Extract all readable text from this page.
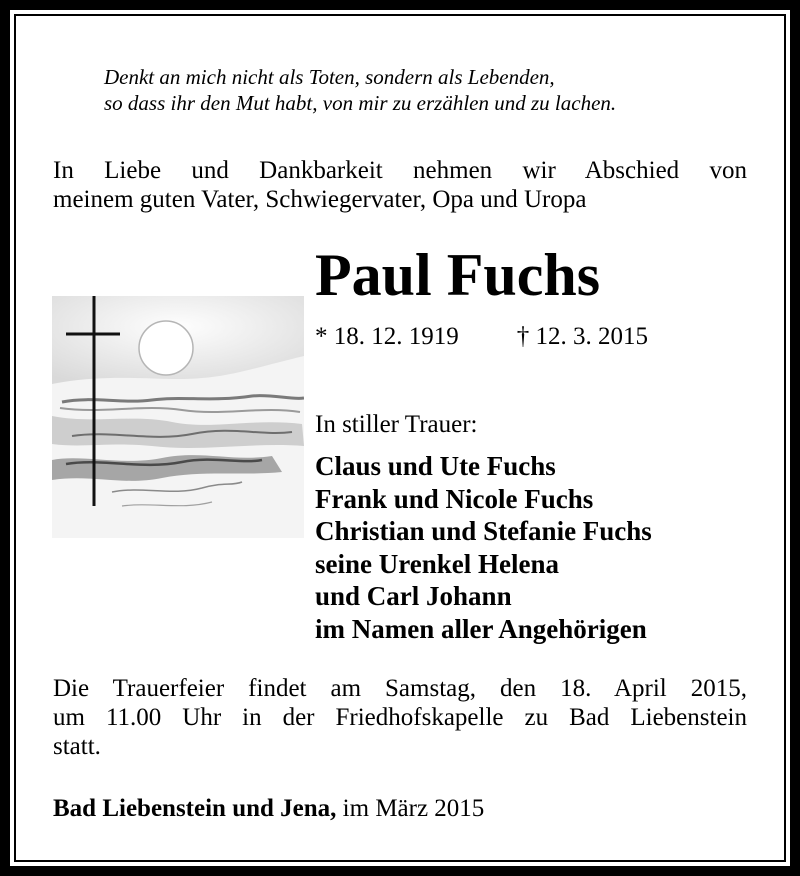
Denkt an mich nicht als Toten, sondern als Lebenden,
so dass ihr den Mut habt, von mir zu erzählen und zu lachen.
In Liebe und Dankbarkeit nehmen wir Abschied von
meinem guten Vater, Schwiegervater, Opa und Uropa
Paul Fuchs
* 18. 12. 1919 † 12. 3. 2015
In stiller Trauer:
Claus und Ute Fuchs
Frank und Nicole Fuchs
Christian und Stefanie Fuchs
seine Urenkel Helena
und Carl Johann
im Namen aller Angehörigen
Die Trauerfeier findet am Samstag, den 18. April 2015,
um 11.00 Uhr in der Friedhofskapelle zu Bad Liebenstein
statt.
Bad Liebenstein und Jena, im März 2015
